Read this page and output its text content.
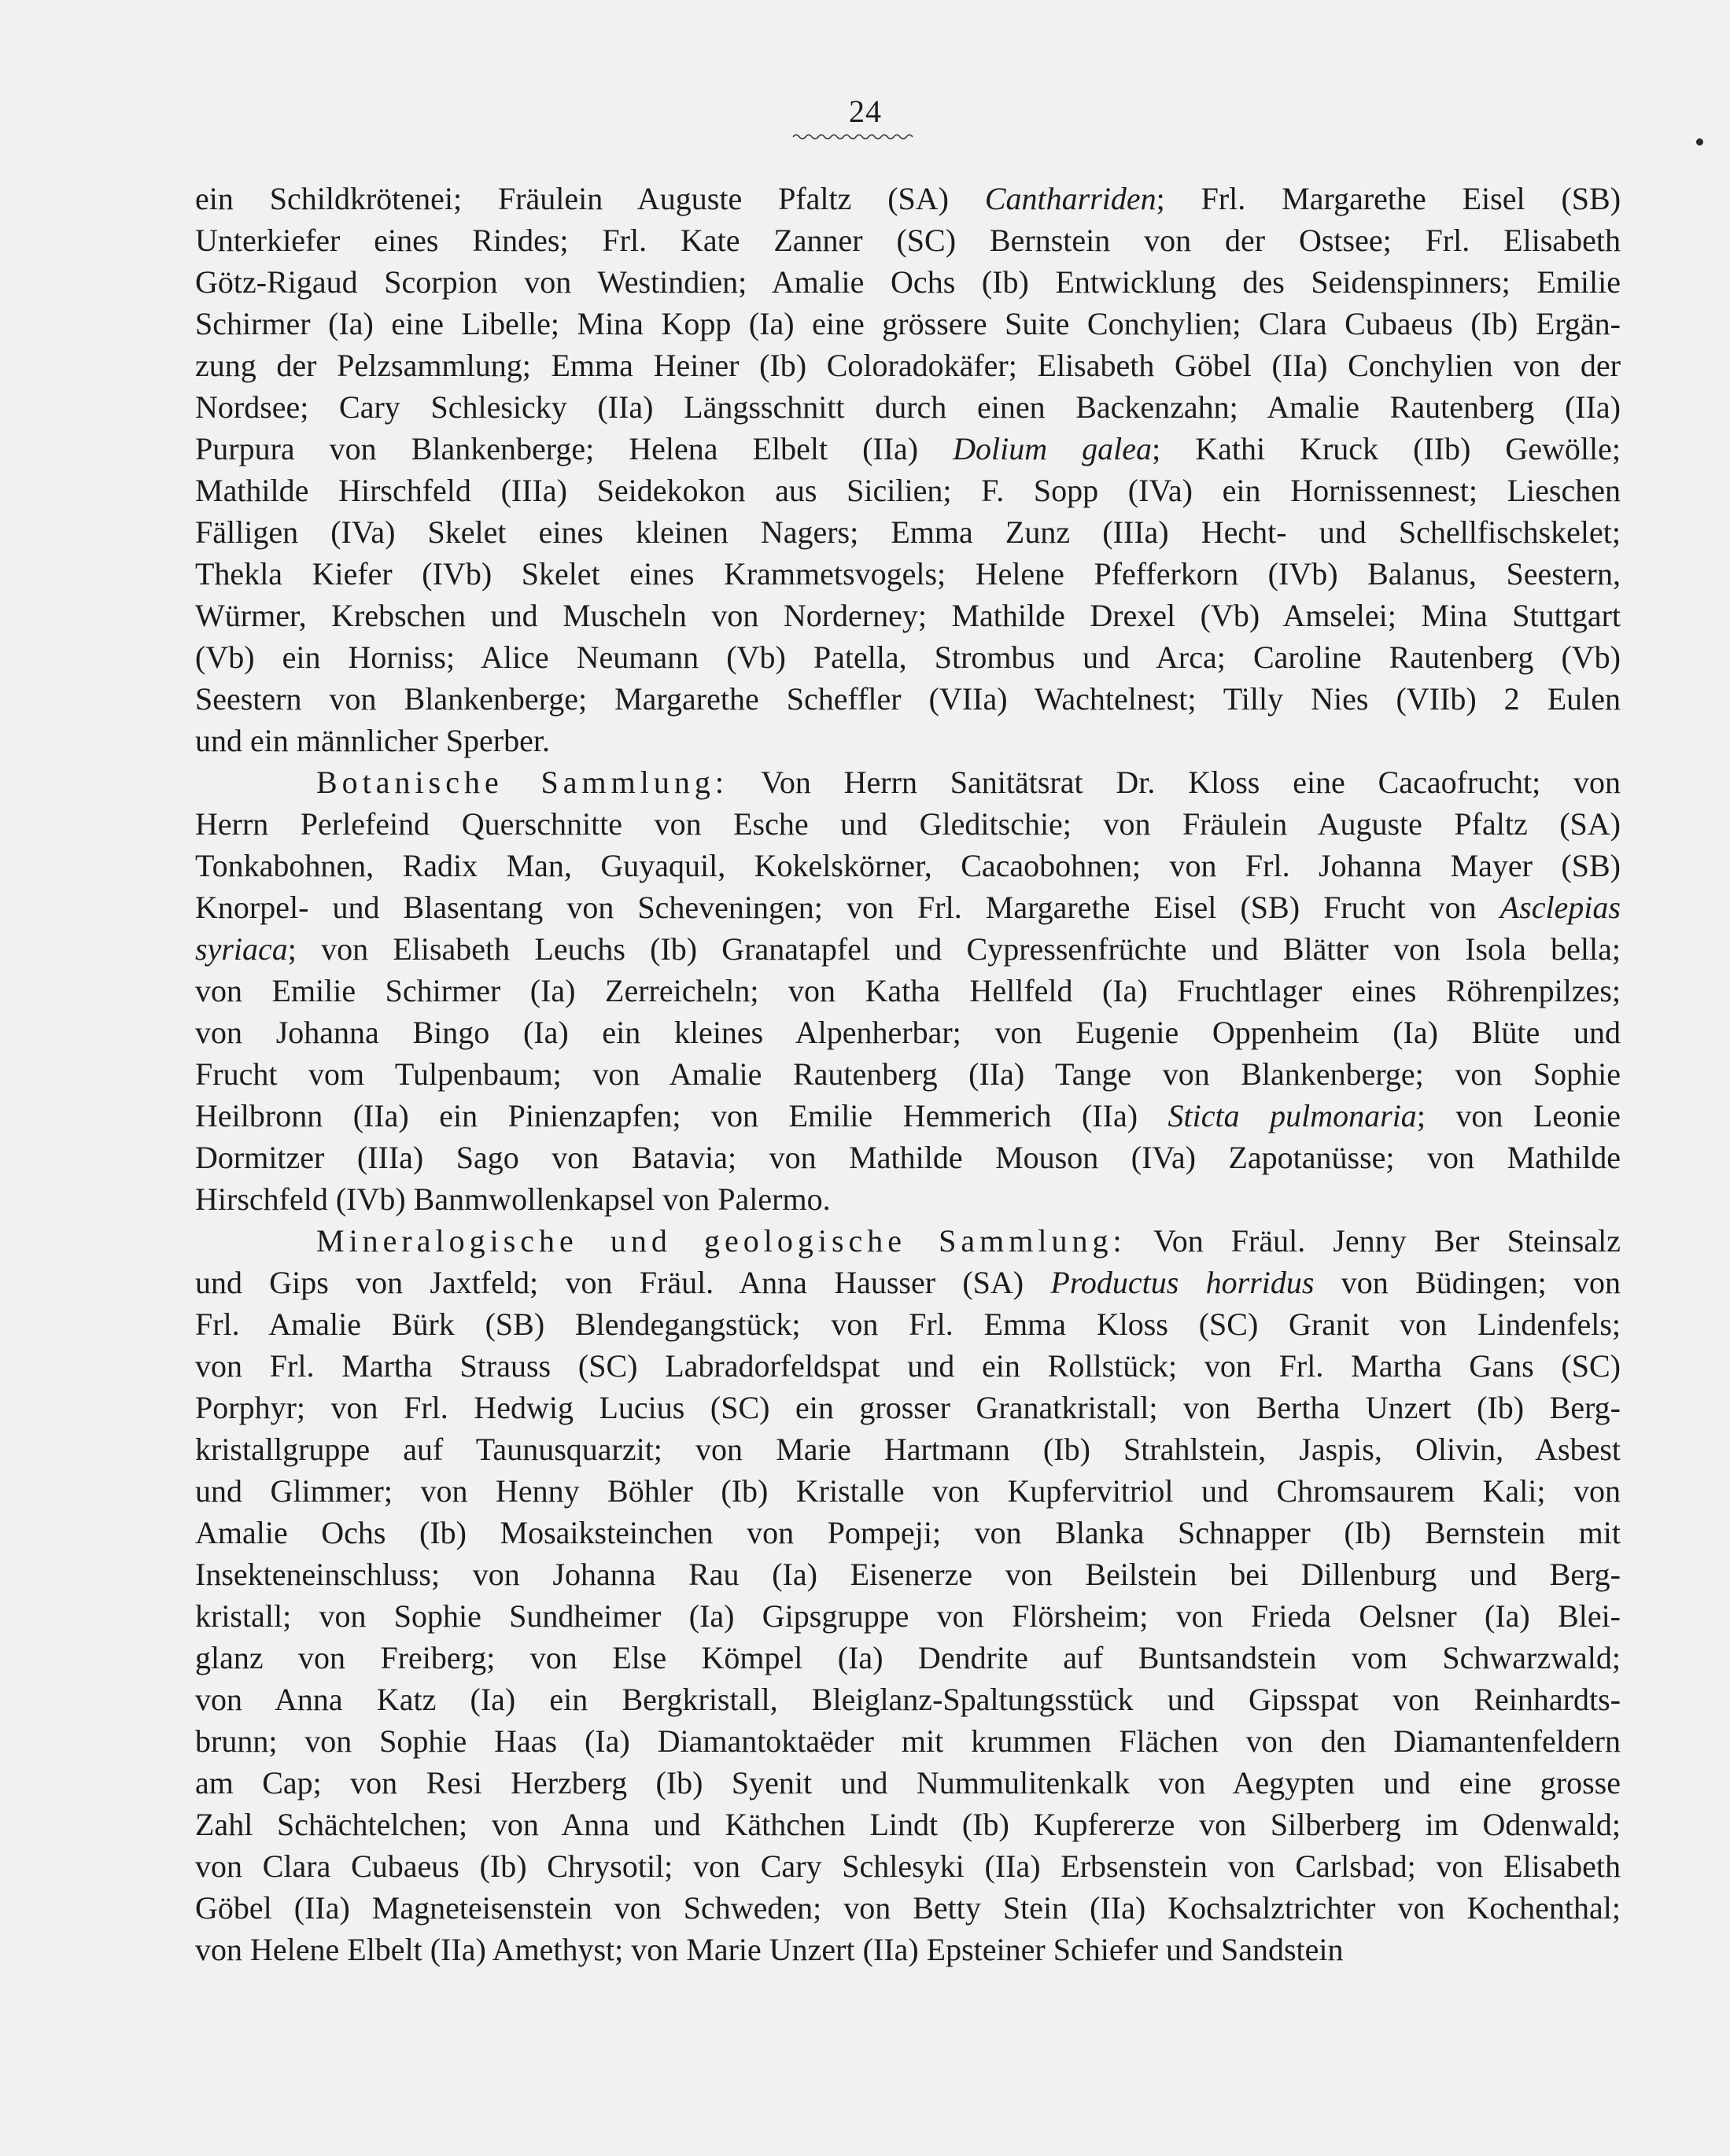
24
ein Schildkrötenei; Fräulein Auguste Pfaltz (SA) Cantharriden; Frl. Margarethe Eisel (SB)
Unterkiefer eines Rindes; Frl. Kate Zanner (SC) Bernstein von der Ostsee; Frl. Elisabeth
Götz-Rigaud Scorpion von Westindien; Amalie Ochs (Ib) Entwicklung des Seidenspinners; Emilie
Schirmer (Ia) eine Libelle; Mina Kopp (Ia) eine grössere Suite Conchylien; Clara Cubaeus (Ib) Ergän-
zung der Pelzsammlung; Emma Heiner (Ib) Coloradokäfer; Elisabeth Göbel (IIa) Conchylien von der
Nordsee; Cary Schlesicky (IIa) Längsschnitt durch einen Backenzahn; Amalie Rautenberg (IIa)
Purpura von Blankenberge; Helena Elbelt (IIa) Dolium galea; Kathi Kruck (IIb) Gewölle;
Mathilde Hirschfeld (IIIa) Seidekokon aus Sicilien; F. Sopp (IVa) ein Hornissennest; Lieschen
Fälligen (IVa) Skelet eines kleinen Nagers; Emma Zunz (IIIa) Hecht- und Schellfischskelet;
Thekla Kiefer (IVb) Skelet eines Krammetsvogels; Helene Pfefferkorn (IVb) Balanus, Seestern,
Würmer, Krebschen und Muscheln von Norderney; Mathilde Drexel (Vb) Amselei; Mina Stuttgart
(Vb) ein Horniss; Alice Neumann (Vb) Patella, Strombus und Arca; Caroline Rautenberg (Vb)
Seestern von Blankenberge; Margarethe Scheffler (VIIa) Wachtelnest; Tilly Nies (VIIb) 2 Eulen
und ein männlicher Sperber.
Botanische Sammlung: Von Herrn Sanitätsrat Dr. Kloss eine Cacaofrucht; von
Herrn Perlefeind Querschnitte von Esche und Gleditschie; von Fräulein Auguste Pfaltz (SA)
Tonkabohnen, Radix Man, Guyaquil, Kokelskörner, Cacaobohnen; von Frl. Johanna Mayer (SB)
Knorpel- und Blasentang von Scheveningen; von Frl. Margarethe Eisel (SB) Frucht von Asclepias
syriaca; von Elisabeth Leuchs (Ib) Granatapfel und Cypressenfrüchte und Blätter von Isola bella;
von Emilie Schirmer (Ia) Zerreicheln; von Katha Hellfeld (Ia) Fruchtlager eines Röhrenpilzes;
von Johanna Bingo (Ia) ein kleines Alpenherbar; von Eugenie Oppenheim (Ia) Blüte und
Frucht vom Tulpenbaum; von Amalie Rautenberg (IIa) Tange von Blankenberge; von Sophie
Heilbronn (IIa) ein Pinienzapfen; von Emilie Hemmerich (IIa) Sticta pulmonaria; von Leonie
Dormitzer (IIIa) Sago von Batavia; von Mathilde Mouson (IVa) Zapotanüsse; von Mathilde
Hirschfeld (IVb) Banmwollenkapsel von Palermo.
Mineralogische und geologische Sammlung: Von Fräul. Jenny Ber Steinsalz
und Gips von Jaxtfeld; von Fräul. Anna Hausser (SA) Productus horridus von Büdingen; von
Frl. Amalie Bürk (SB) Blendegangstück; von Frl. Emma Kloss (SC) Granit von Lindenfels;
von Frl. Martha Strauss (SC) Labradorfeldspat und ein Rollstück; von Frl. Martha Gans (SC)
Porphyr; von Frl. Hedwig Lucius (SC) ein grosser Granatkristall; von Bertha Unzert (Ib) Berg-
kristallgruppe auf Taunusquarzit; von Marie Hartmann (Ib) Strahlstein, Jaspis, Olivin, Asbest
und Glimmer; von Henny Böhler (Ib) Kristalle von Kupfervitriol und Chromsaurem Kali; von
Amalie Ochs (Ib) Mosaiksteinchen von Pompeji; von Blanka Schnapper (Ib) Bernstein mit
Insekteneinschluss; von Johanna Rau (Ia) Eisenerze von Beilstein bei Dillenburg und Berg-
kristall; von Sophie Sundheimer (Ia) Gipsgruppe von Flörsheim; von Frieda Oelsner (Ia) Blei-
glanz von Freiberg; von Else Kömpel (Ia) Dendrite auf Buntsandstein vom Schwarzwald;
von Anna Katz (Ia) ein Bergkristall, Bleiglanz-Spaltungsstück und Gipsspat von Reinhardts-
brunn; von Sophie Haas (Ia) Diamantoktaëder mit krummen Flächen von den Diamantenfeldern
am Cap; von Resi Herzberg (Ib) Syenit und Nummulitenkalk von Aegypten und eine grosse
Zahl Schächtelchen; von Anna und Käthchen Lindt (Ib) Kupfererze von Silberberg im Odenwald;
von Clara Cubaeus (Ib) Chrysotil; von Cary Schlesyki (IIa) Erbsenstein von Carlsbad; von Elisabeth
Göbel (IIa) Magneteisenstein von Schweden; von Betty Stein (IIa) Kochsalztrichter von Kochenthal;
von Helene Elbelt (IIa) Amethyst; von Marie Unzert (IIa) Epsteiner Schiefer und Sandstein
